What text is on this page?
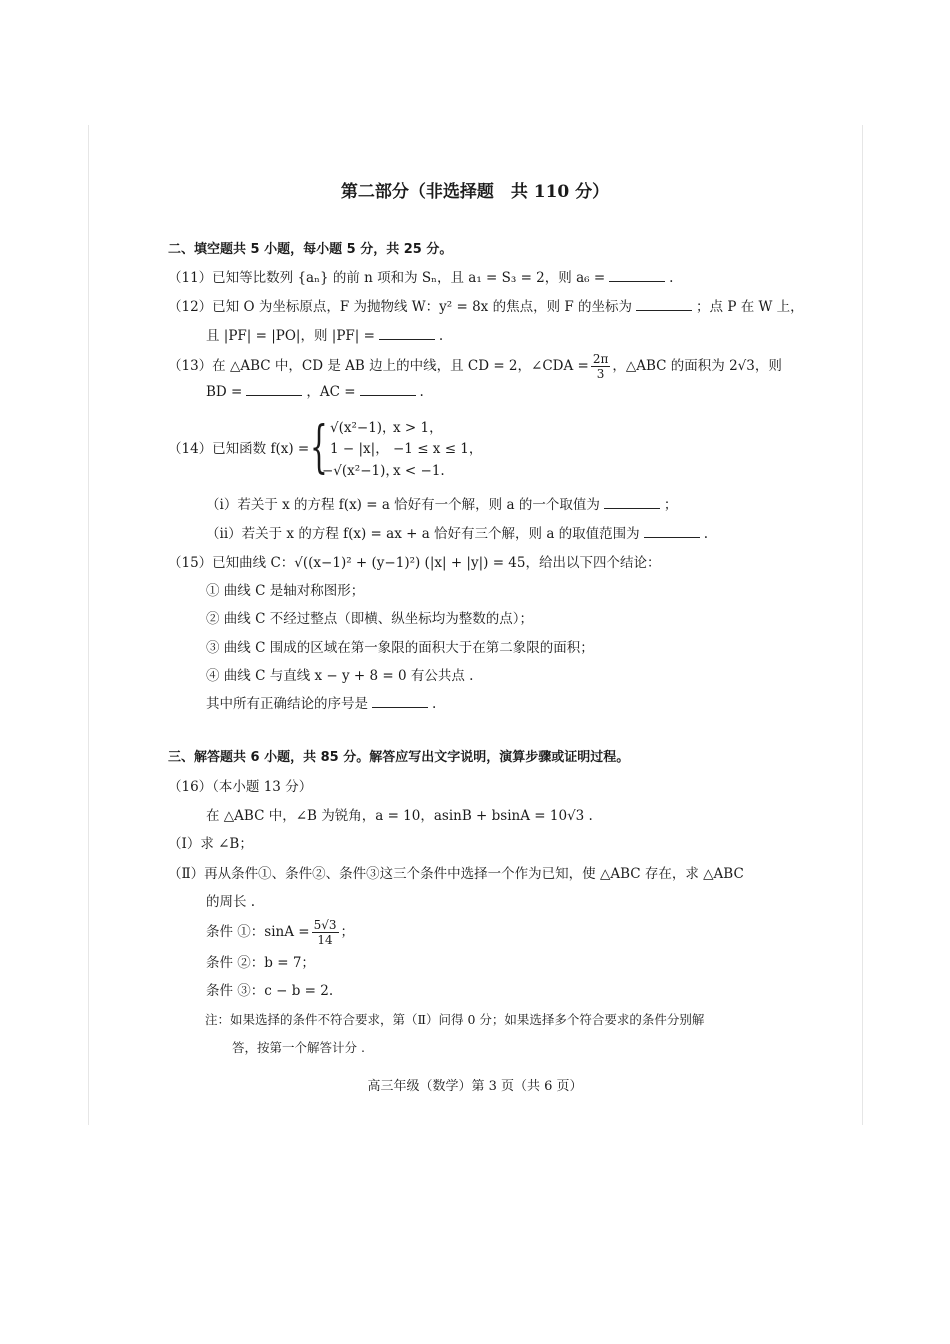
第二部分（非选择题　共 110 分）
二、填空题共 5 小题，每小题 5 分，共 25 分。
（11）已知等比数列 {aₙ} 的前 n 项和为 Sₙ，且 a₁ = S₃ = 2，则 a₆ =	.
（12）已知 O 为坐标原点，F 为抛物线 W：y² = 8x 的焦点，则 F 的坐标为	；点 P 在 W 上，
且 |PF| = |PO|，则 |PF| =	.
（13）在 △ABC 中，CD 是 AB 边上的中线，且 CD = 2，∠CDA = $\frac{2\pi}{3}$ ，△ABC 的面积为 2√3，则
BD =	，AC =	.
（14）已知函数 f(x) = { √(x²−1)，
x > 1，
1 − |x|， −1 ≤ x ≤ 1，
−√(x²−1)，
x < −1.
（i）若关于 x 的方程 f(x) = a 恰好有一个解，则 a 的一个取值为	；
（ii）若关于 x 的方程 f(x) = ax + a 恰好有三个解，则 a 的取值范围为	.
（15）已知曲线 C：√((x−1)² + (y−1)²) (|x| + |y|) = 45，给出以下四个结论：
① 曲线 C 是轴对称图形；
② 曲线 C 不经过整点（即横、纵坐标均为整数的点）；
③ 曲线 C 围成的区域在第一象限的面积大于在第二象限的面积；
④ 曲线 C 与直线 x − y + 8 = 0 有公共点 .
其中所有正确结论的序号是	.
三、解答题共 6 小题，共 85 分。解答应写出文字说明，演算步骤或证明过程。
（16）（本小题 13 分）
在 △ABC 中，∠B 为锐角，a = 10，asinB + bsinA = 10√3 .
（Ⅰ）求 ∠B；
（Ⅱ）再从条件①、条件②、条件③这三个条件中选择一个作为已知，使 △ABC 存在，求 △ABC
的周长 .
条件 ①：$\sin A = \frac{5√3}{14}$ ；
条件 ②：b = 7；
条件 ③：c − b = 2.
注：如果选择的条件不符合要求，第（Ⅱ）问得 0 分；如果选择多个符合要求的条件分别解
答，按第一个解答计分 .
高三年级（数学）第 3 页（共 6 页）
